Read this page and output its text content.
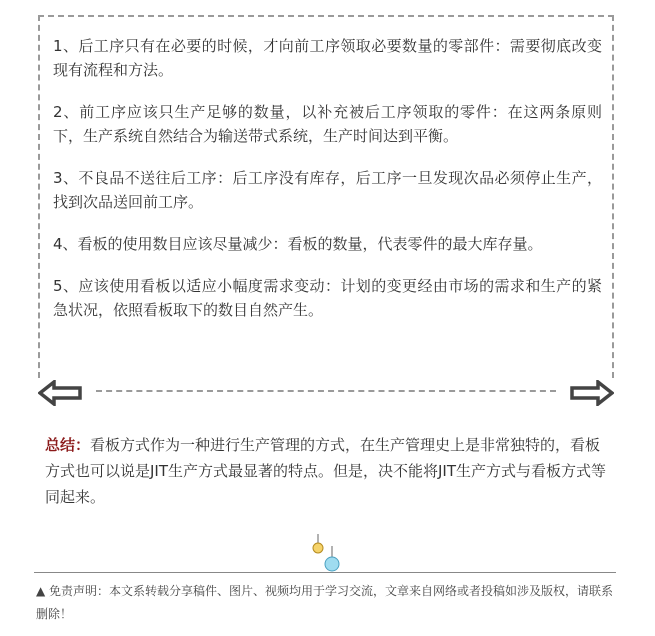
1、后工序只有在必要的时候，才向前工序领取必要数量的零部件：需要彻底改变现有流程和方法。

2、前工序应该只生产足够的数量，以补充被后工序领取的零件：在这两条原则下，生产系统自然结合为输送带式系统，生产时间达到平衡。

3、不良品不送往后工序：后工序没有库存，后工序一旦发现次品必须停止生产，找到次品送回前工序。

4、看板的使用数目应该尽量减少：看板的数量，代表零件的最大库存量。

5、应该使用看板以适应小幅度需求变动：计划的变更经由市场的需求和生产的紧急状况，依照看板取下的数目自然产生。

总结：看板方式作为一种进行生产管理的方式，在生产管理史上是非常独特的，看板方式也可以说是JIT生产方式最显著的特点。但是，决不能将JIT生产方式与看板方式等同起来。

▲ 免责声明：本文系转载分享稿件、图片、视频均用于学习交流，文章来自网络或者投稿如涉及版权，请联系删除！
